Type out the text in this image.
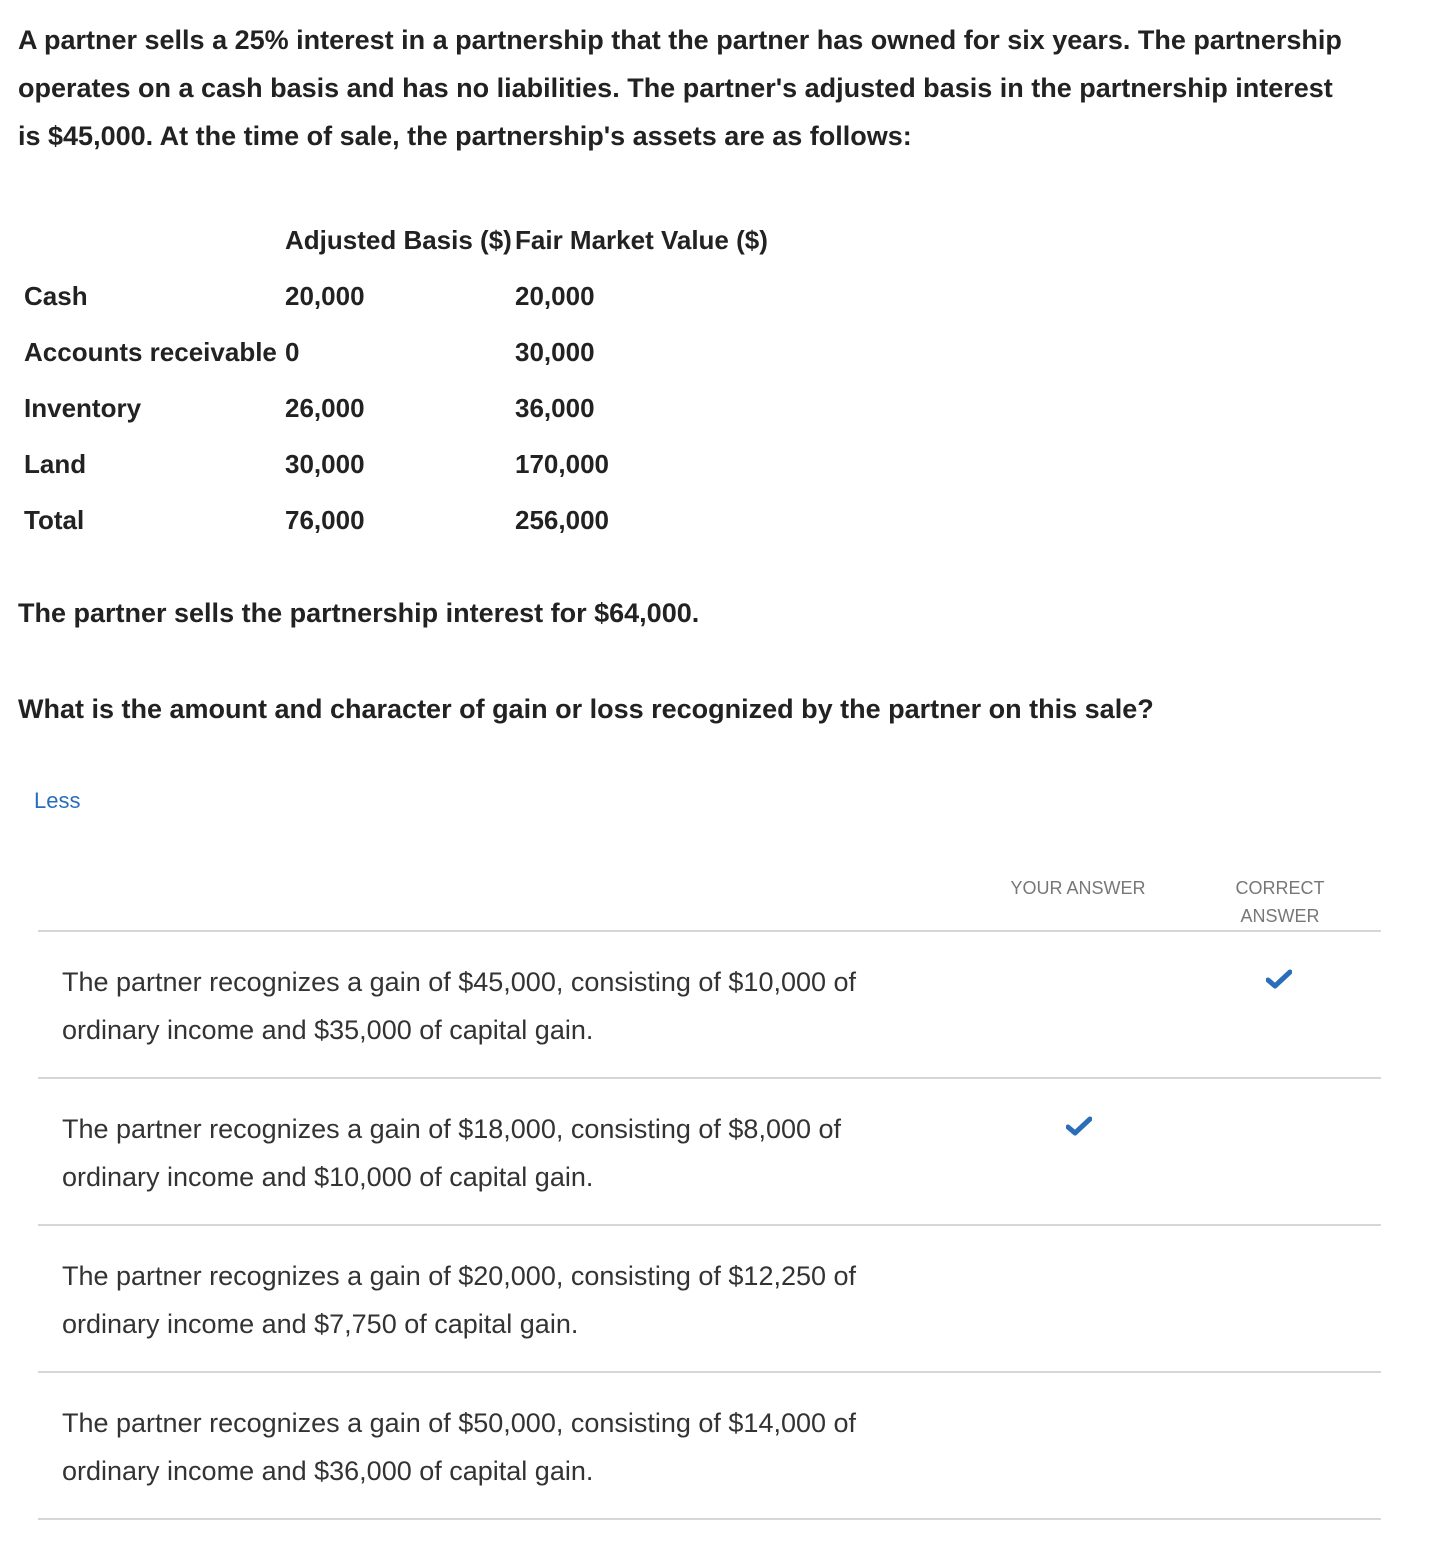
A partner sells a 25% interest in a partnership that the partner has owned for six years. The partnership operates on a cash basis and has no liabilities. The partner's adjusted basis in the partnership interest is $45,000. At the time of sale, the partnership's assets are as follows:

Adjusted Basis ($) Fair Market Value ($)
Cash	20,000	20,000
Accounts receivable 0	30,000
Inventory	26,000	36,000
Land	30,000	170,000
Total	76,000	256,000

The partner sells the partnership interest for $64,000.

What is the amount and character of gain or loss recognized by the partner on this sale?

Less
YOUR ANSWER	CORRECT ANSWER
The partner recognizes a gain of $45,000, consisting of $10,000 of ordinary income and $35,000 of capital gain.
The partner recognizes a gain of $18,000, consisting of $8,000 of ordinary income and $10,000 of capital gain.
The partner recognizes a gain of $20,000, consisting of $12,250 of ordinary income and $7,750 of capital gain.
The partner recognizes a gain of $50,000, consisting of $14,000 of ordinary income and $36,000 of capital gain.
